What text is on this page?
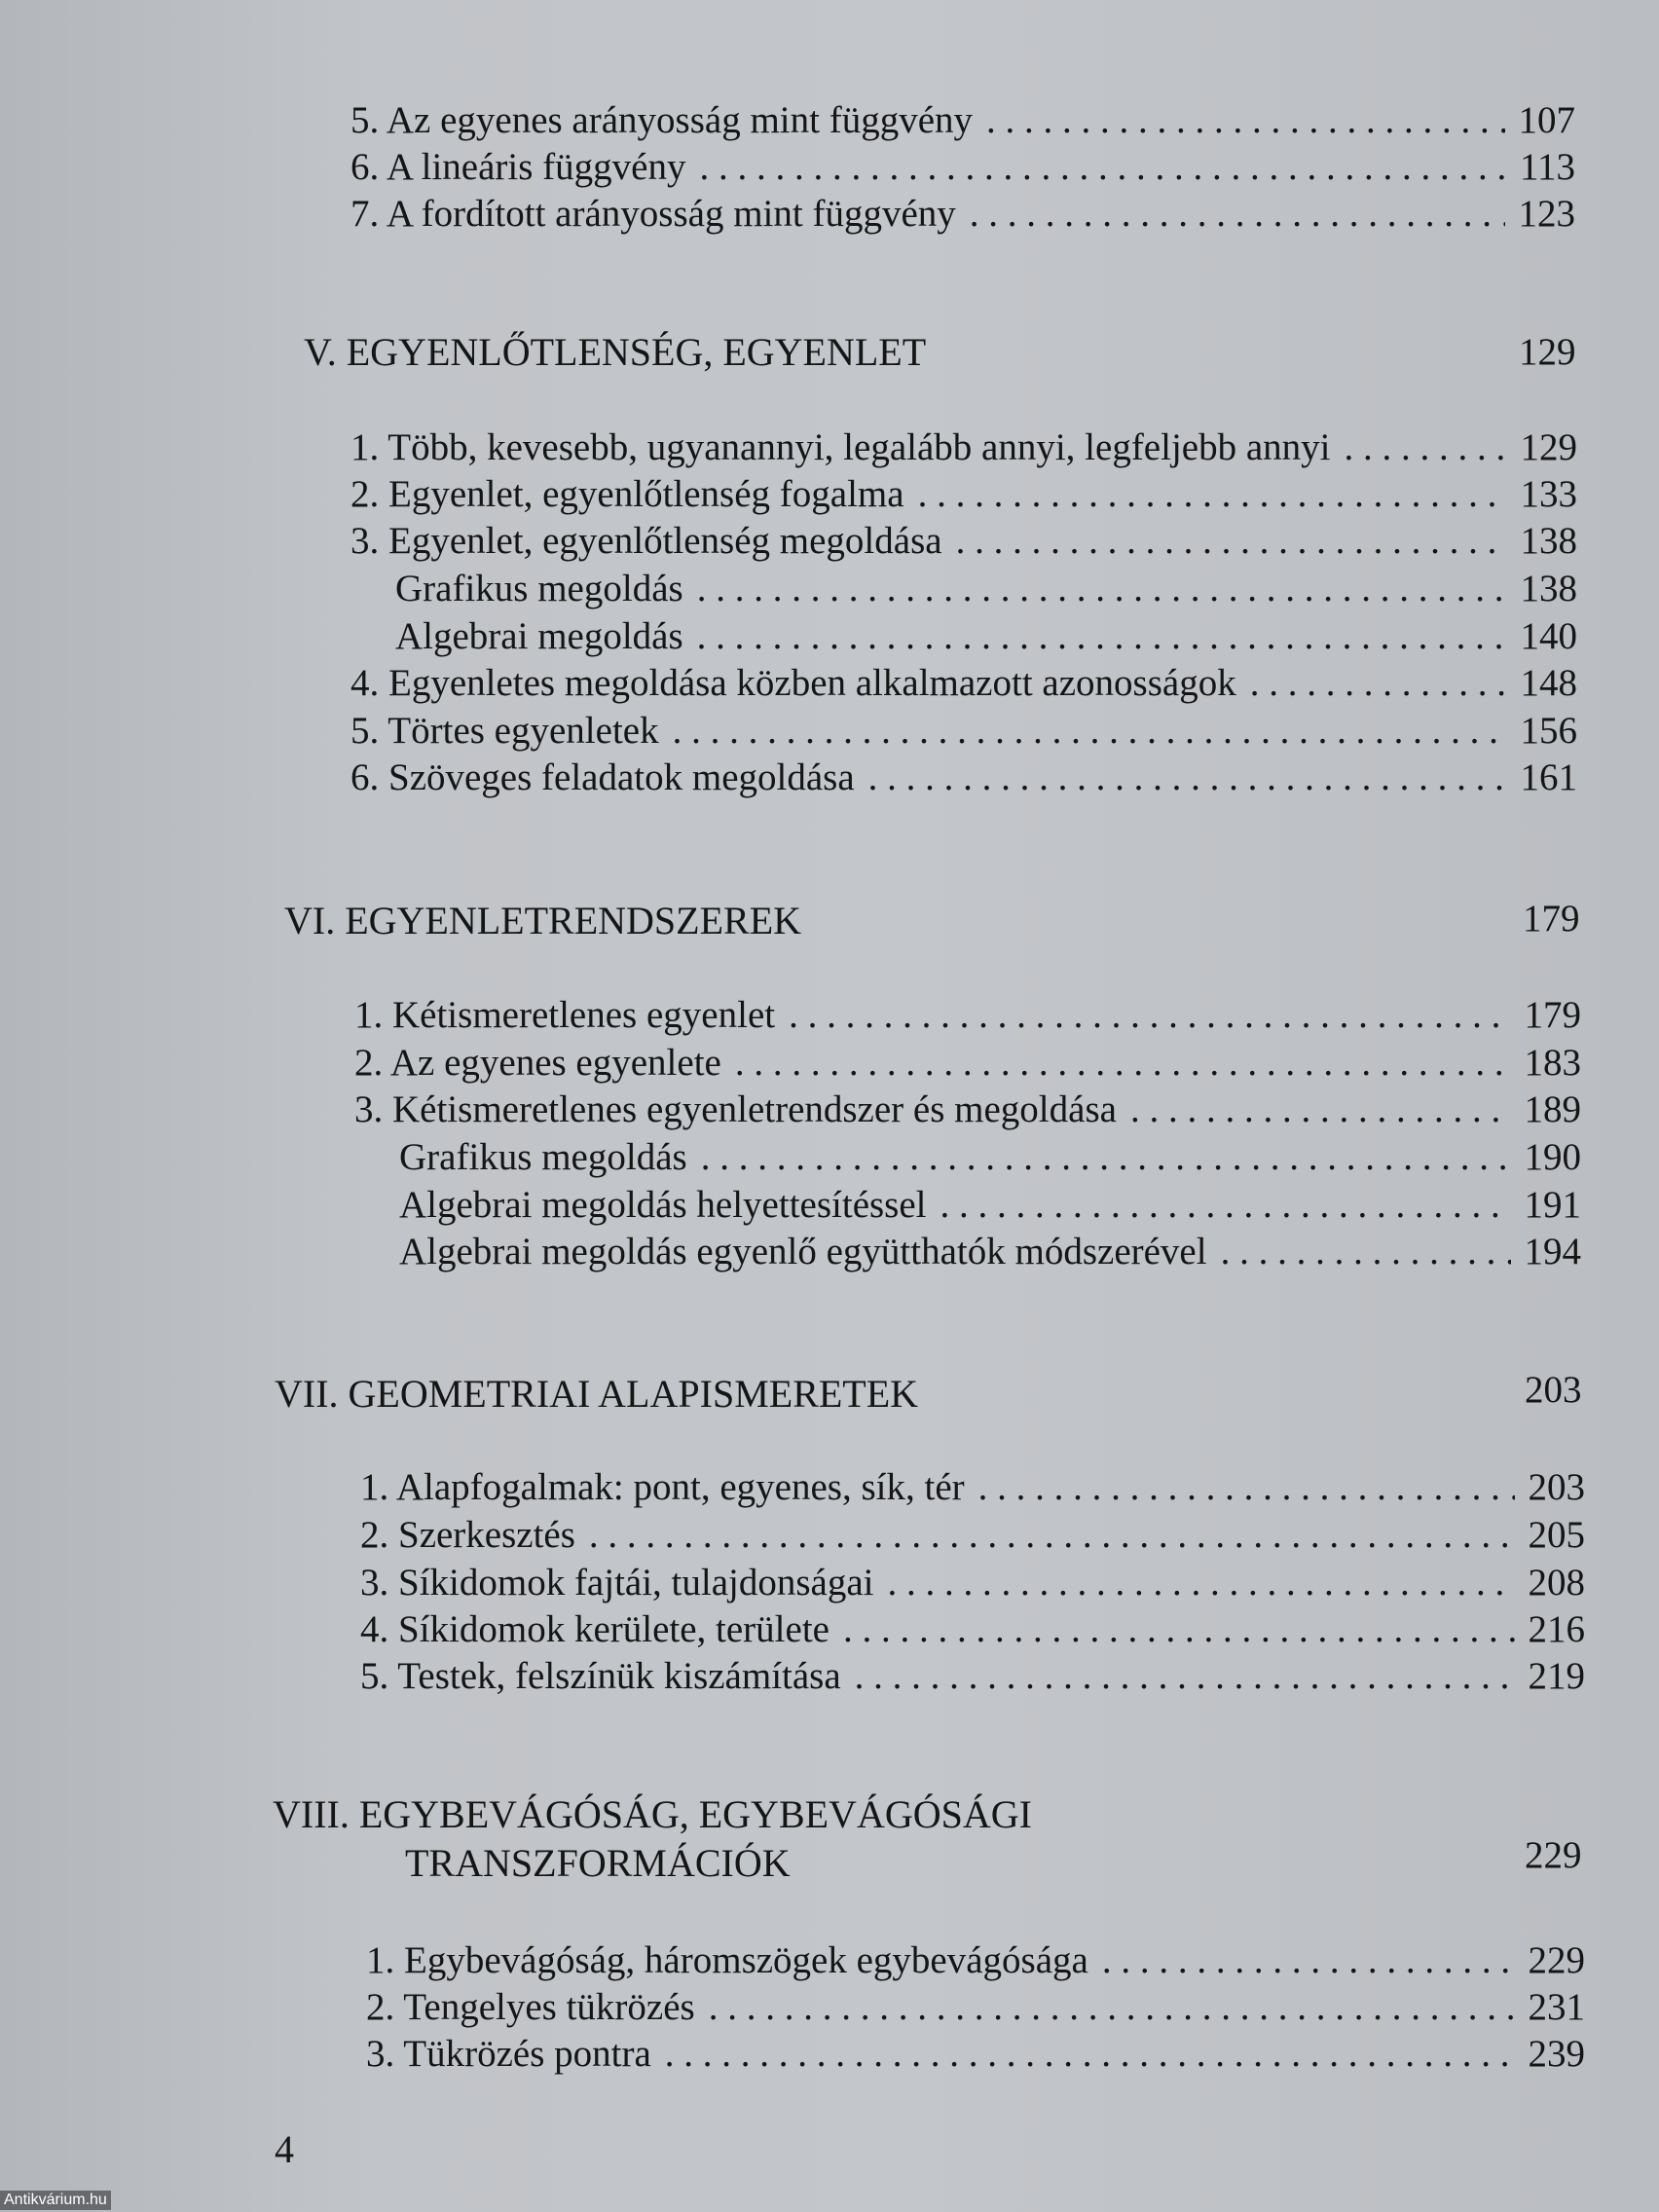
5. Az egyenes arányosság mint függvény . . .	107
6. A lineáris függvény . . .	113
7. A fordított arányosság mint függvény . . .	123
V. EGYENLŐTLENSÉG, EGYENLET	129
1. Több, kevesebb, ugyanannyi, legalább annyi, legfeljebb annyi . . .	129
2. Egyenlet, egyenlőtlenség fogalma . . .	133
3. Egyenlet, egyenlőtlenség megoldása . . .	138
Grafikus megoldás . . .	138
Algebrai megoldás . . .	140
4. Egyenletes megoldása közben alkalmazott azonosságok . . .	148
5. Törtes egyenletek . . .	156
6. Szöveges feladatok megoldása . . .	161
VI. EGYENLETRENDSZEREK	179
1. Kétismeretlenes egyenlet . . .	179
2. Az egyenes egyenlete . . .	183
3. Kétismeretlenes egyenletrendszer és megoldása . . .	189
Grafikus megoldás . . .	190
Algebrai megoldás helyettesítéssel . . .	191
Algebrai megoldás egyenlő együtthatók módszerével . . .	194
VII. GEOMETRIAI ALAPISMERETEK	203
1. Alapfogalmak: pont, egyenes, sík, tér . . .	203
2. Szerkesztés . . .	205
3. Síkidomok fajtái, tulajdonságai . . .	208
4. Síkidomok kerülete, területe . . .	216
5. Testek, felszínük kiszámítása . . .	219
VIII. EGYBEVÁGÓSÁG, EGYBEVÁGÓSÁGI
TRANSZFORMÁCIÓK	229
1. Egybevágóság, háromszögek egybevágósága . . .	229
2. Tengelyes tükrözés . . .	231
3. Tükrözés pontra . . .	239
4
Antikvárium.hu
